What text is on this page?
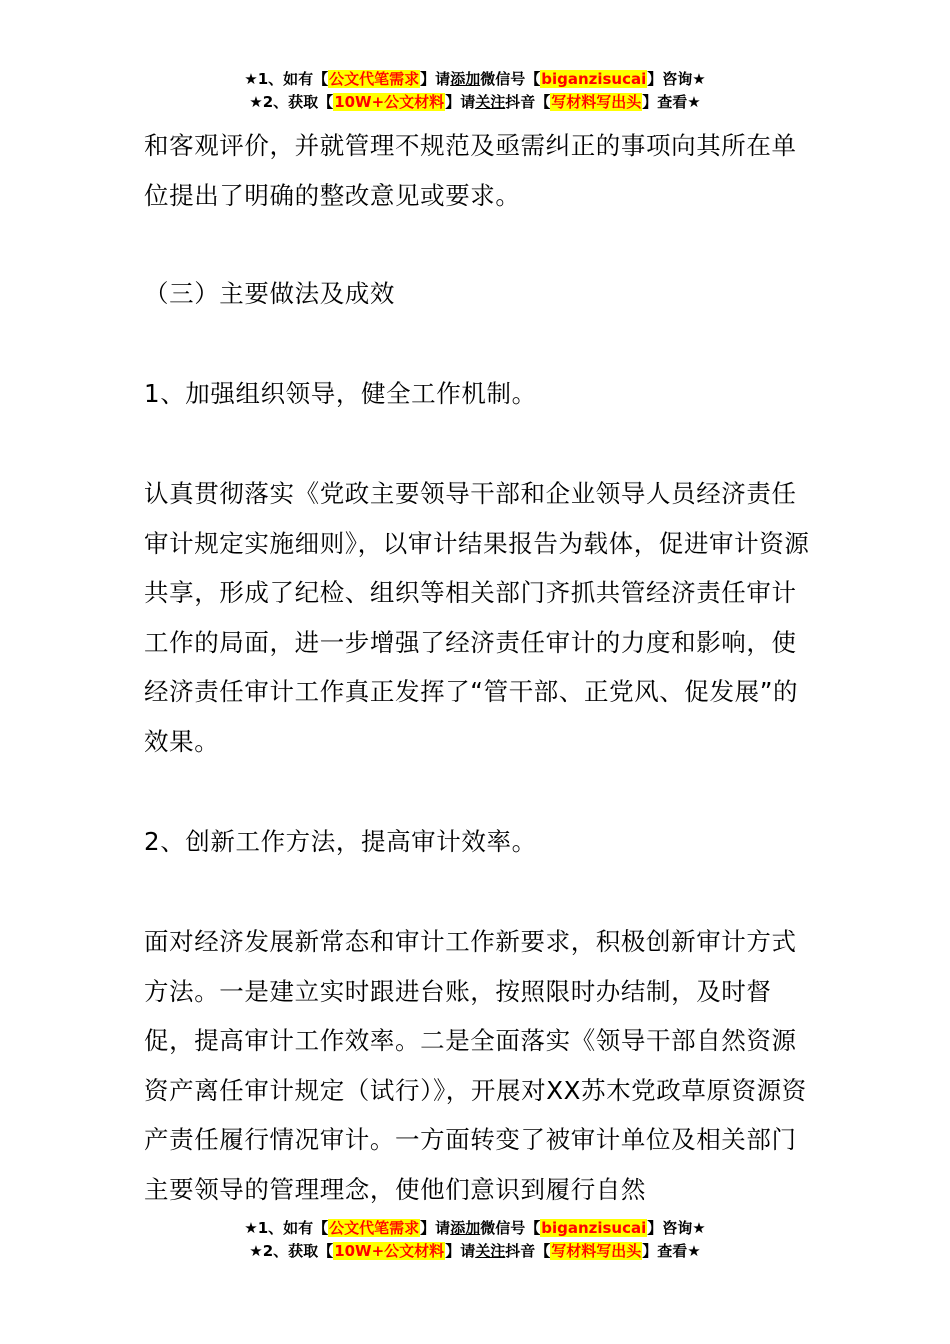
★1、如有【公文代笔需求】请添加微信号【biganzisucai】咨询★
★2、获取【10W+公文材料】请关注抖音【写材料写出头】查看★

和客观评价，并就管理不规范及亟需纠正的事项向其所在单位提出了明确的整改意见或要求。

（三）主要做法及成效

1、加强组织领导，健全工作机制。

认真贯彻落实《党政主要领导干部和企业领导人员经济责任审计规定实施细则》，以审计结果报告为载体，促进审计资源共享，形成了纪检、组织等相关部门齐抓共管经济责任审计工作的局面，进一步增强了经济责任审计的力度和影响，使经济责任审计工作真正发挥了“管干部、正党风、促发展”的效果。

2、创新工作方法，提高审计效率。

面对经济发展新常态和审计工作新要求，积极创新审计方式方法。一是建立实时跟进台账，按照限时办结制，及时督促，提高审计工作效率。二是全面落实《领导干部自然资源资产离任审计规定（试行）》，开展对XX苏木党政草原资源资产责任履行情况审计。一方面转变了被审计单位及相关部门主要领导的管理理念，使他们意识到履行自然

★1、如有【公文代笔需求】请添加微信号【biganzisucai】咨询★
★2、获取【10W+公文材料】请关注抖音【写材料写出头】查看★
